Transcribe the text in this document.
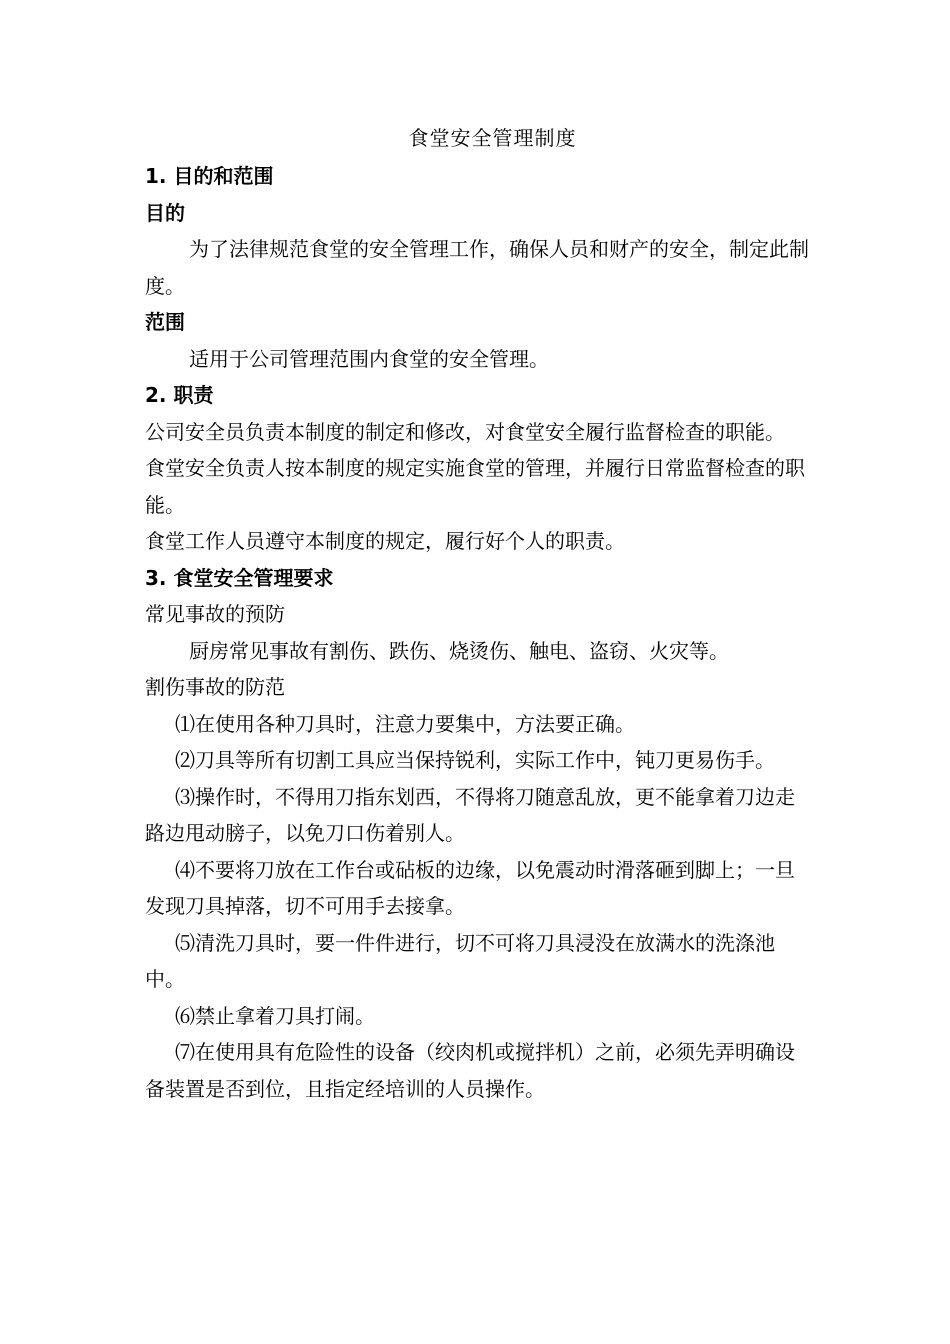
食堂安全管理制度

1. 目的和范围

目的

为了法律规范食堂的安全管理工作，确保人员和财产的安全，制定此制度。

范围

适用于公司管理范围内食堂的安全管理。

2. 职责

公司安全员负责本制度的制定和修改，对食堂安全履行监督检查的职能。

食堂安全负责人按本制度的规定实施食堂的管理，并履行日常监督检查的职能。

食堂工作人员遵守本制度的规定，履行好个人的职责。

3. 食堂安全管理要求

常见事故的预防

厨房常见事故有割伤、跌伤、烧烫伤、触电、盗窃、火灾等。

割伤事故的防范

⑴在使用各种刀具时，注意力要集中，方法要正确。

⑵刀具等所有切割工具应当保持锐利，实际工作中，钝刀更易伤手。

⑶操作时，不得用刀指东划西，不得将刀随意乱放，更不能拿着刀边走路边甩动膀子，以免刀口伤着别人。

⑷不要将刀放在工作台或砧板的边缘，以免震动时滑落砸到脚上；一旦发现刀具掉落，切不可用手去接拿。

⑸清洗刀具时，要一件件进行，切不可将刀具浸没在放满水的洗涤池中。

⑹禁止拿着刀具打闹。

⑺在使用具有危险性的设备（绞肉机或搅拌机）之前，必须先弄明确设备装置是否到位，且指定经培训的人员操作。
